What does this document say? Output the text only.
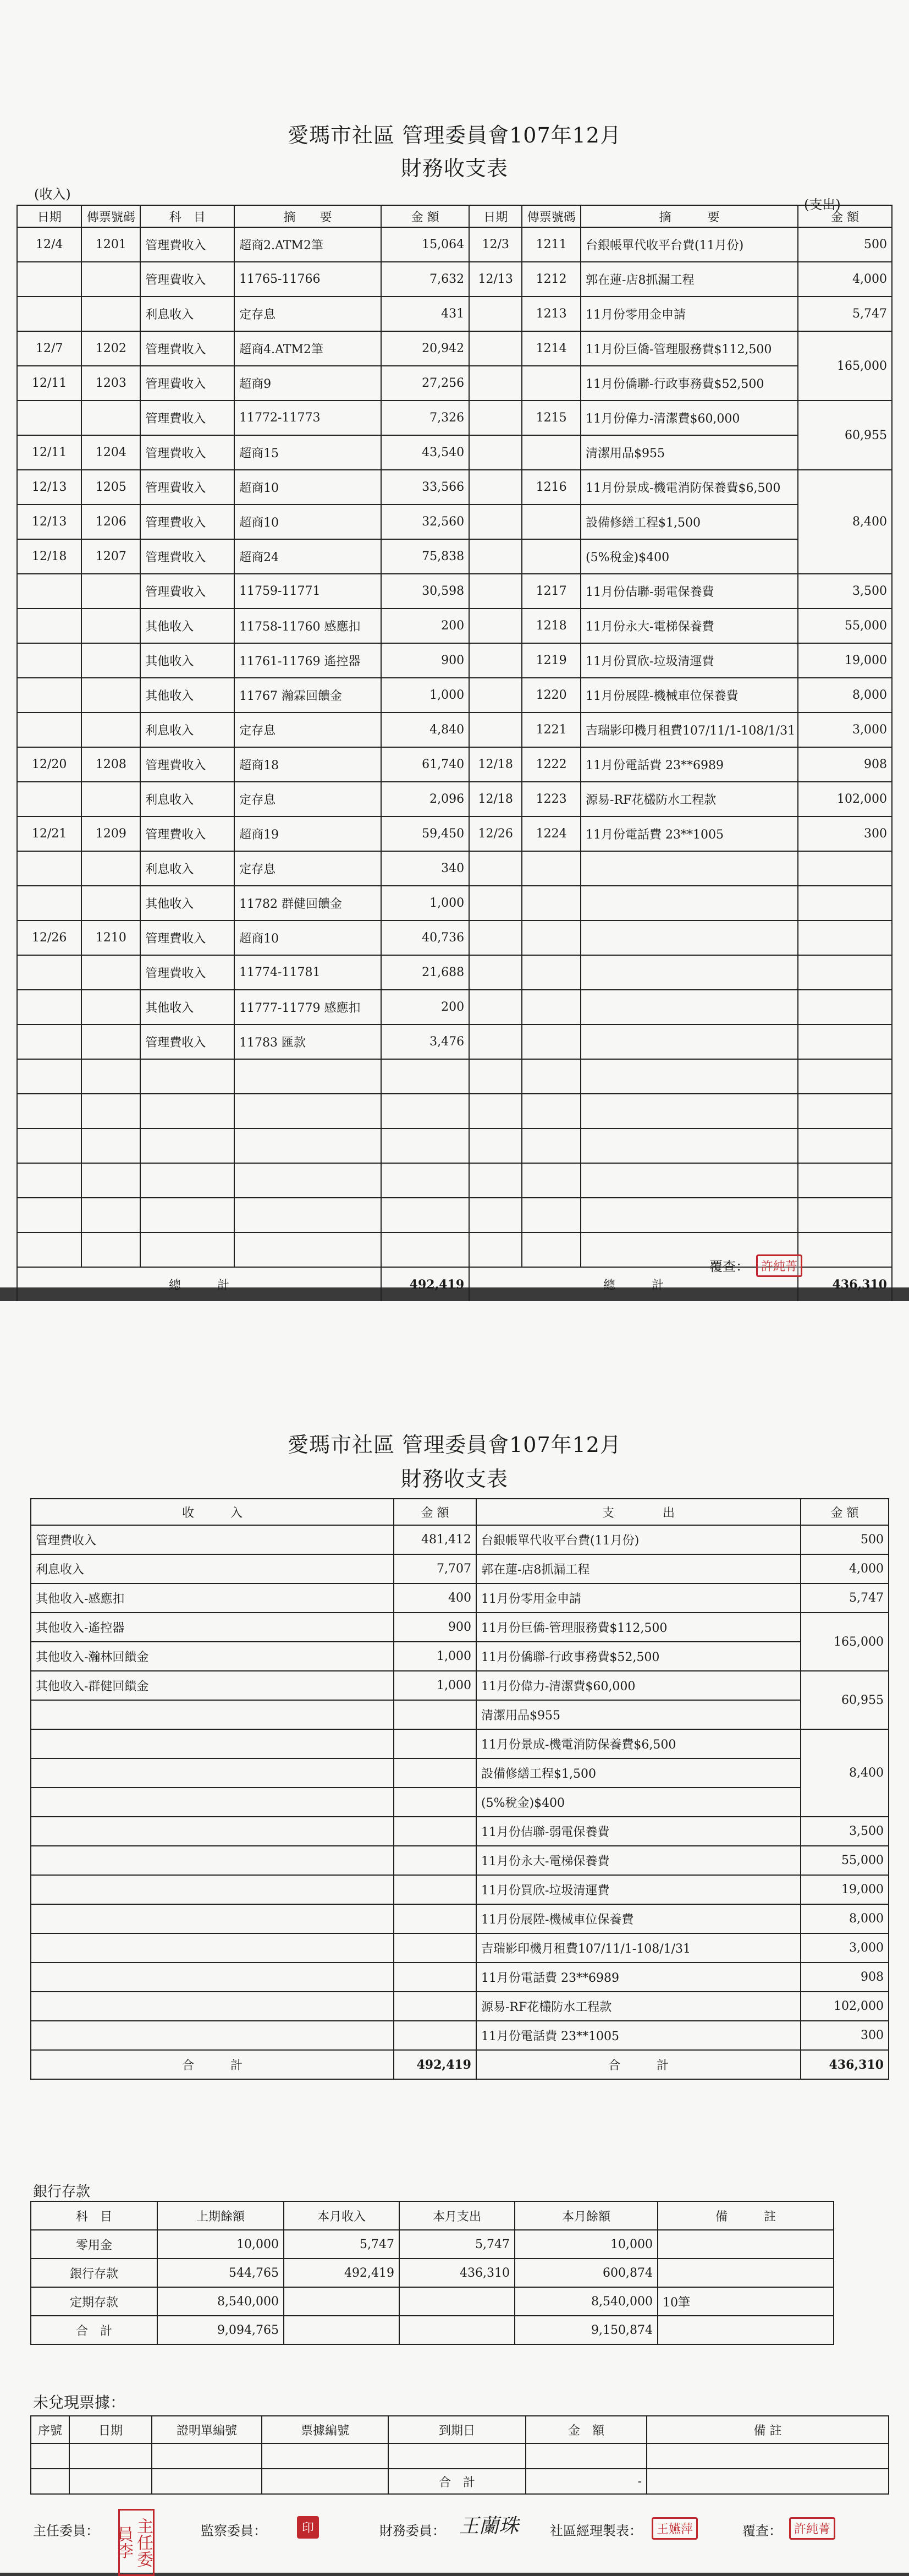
愛瑪市社區 管理委員會107年12月
財務收支表
(收入)
(支出)
日期	傳票號碼	科　目	摘　　要	金 額	日期	傳票號碼	摘　　　要	金 額
12/4	1201	管理費收入	超商2.ATM2筆	15,064	12/3	1211	台銀帳單代收平台費(11月份)	500
		管理費收入	11765-11766	7,632	12/13	1212	郭在蓮-店8抓漏工程	4,000
		利息收入	定存息	431		1213	11月份零用金申請	5,747
12/7	1202	管理費收入	超商4.ATM2筆	20,942		1214	11月份巨僑-管理服務費$112,500	165,000
12/11	1203	管理費收入	超商9	27,256			11月份僑聯-行政事務費$52,500	
		管理費收入	11772-11773	7,326		1215	11月份偉力-清潔費$60,000	60,955
12/11	1204	管理費收入	超商15	43,540			清潔用品$955	
12/13	1205	管理費收入	超商10	33,566		1216	11月份景成-機電消防保養費$6,500	8,400
12/13	1206	管理費收入	超商10	32,560			設備修繕工程$1,500	
12/18	1207	管理費收入	超商24	75,838			(5%稅金)$400	
		管理費收入	11759-11771	30,598		1217	11月份佶聯-弱電保養費	3,500
		其他收入	11758-11760 感應扣	200		1218	11月份永大-電梯保養費	55,000
		其他收入	11761-11769 遙控器	900		1219	11月份買欣-垃圾清運費	19,000
		其他收入	11767 瀚霖回饋金	1,000		1220	11月份展陞-機械車位保養費	8,000
		利息收入	定存息	4,840		1221	吉瑞影印機月租費107/11/1-108/1/31	3,000
12/20	1208	管理費收入	超商18	61,740	12/18	1222	11月份電話費 23**6989	908
		利息收入	定存息	2,096	12/18	1223	源易-RF花欉防水工程款	102,000
12/21	1209	管理費收入	超商19	59,450	12/26	1224	11月份電話費 23**1005	300
		利息收入	定存息	340				
		其他收入	11782 群健回饋金	1,000				
12/26	1210	管理費收入	超商10	40,736				
		管理費收入	11774-11781	21,688				
		其他收入	11777-11779 感應扣	200				
		管理費收入	11783 匯款	3,476				

總　　　計				492,419	總　　　計			436,310
覆查：	許純菁
愛瑪市社區 管理委員會107年12月
財務收支表
收　　　入	金 額	支　　　　出	金 額
管理費收入	481,412	台銀帳單代收平台費(11月份)	500
利息收入	7,707	郭在蓮-店8抓漏工程	4,000
其他收入-感應扣	400	11月份零用金申請	5,747
其他收入-遙控器	900	11月份巨僑-管理服務費$112,500	165,000
其他收入-瀚林回饋金	1,000	11月份僑聯-行政事務費$52,500	
其他收入-群健回饋金	1,000	11月份偉力-清潔費$60,000	60,955
		清潔用品$955	
		11月份景成-機電消防保養費$6,500	8,400
		設備修繕工程$1,500	
		(5%稅金)$400	
		11月份佶聯-弱電保養費	3,500
		11月份永大-電梯保養費	55,000
		11月份買欣-垃圾清運費	19,000
		11月份展陞-機械車位保養費	8,000
		吉瑞影印機月租費107/11/1-108/1/31	3,000
		11月份電話費 23**6989	908
		源易-RF花欉防水工程款	102,000
		11月份電話費 23**1005	300
合　　　計	492,419	合　　　計	436,310
銀行存款
科　目	上期餘額	本月收入	本月支出	本月餘額	備　　　註
零用金	10,000	5,747	5,747	10,000	
銀行存款	544,765	492,419	436,310	600,874	
定期存款	8,540,000			8,540,000	10筆
合　計	9,094,765			9,150,874	
未兌現票據：
序號	日期	證明單編號	票據編號	到期日	金　額	備 註

				合　計	-	
主任委員：	主任委員李	監察委員：	印	財務委員： 王蘭珠 社區經理製表：	王嬿萍	覆查：	許純菁
